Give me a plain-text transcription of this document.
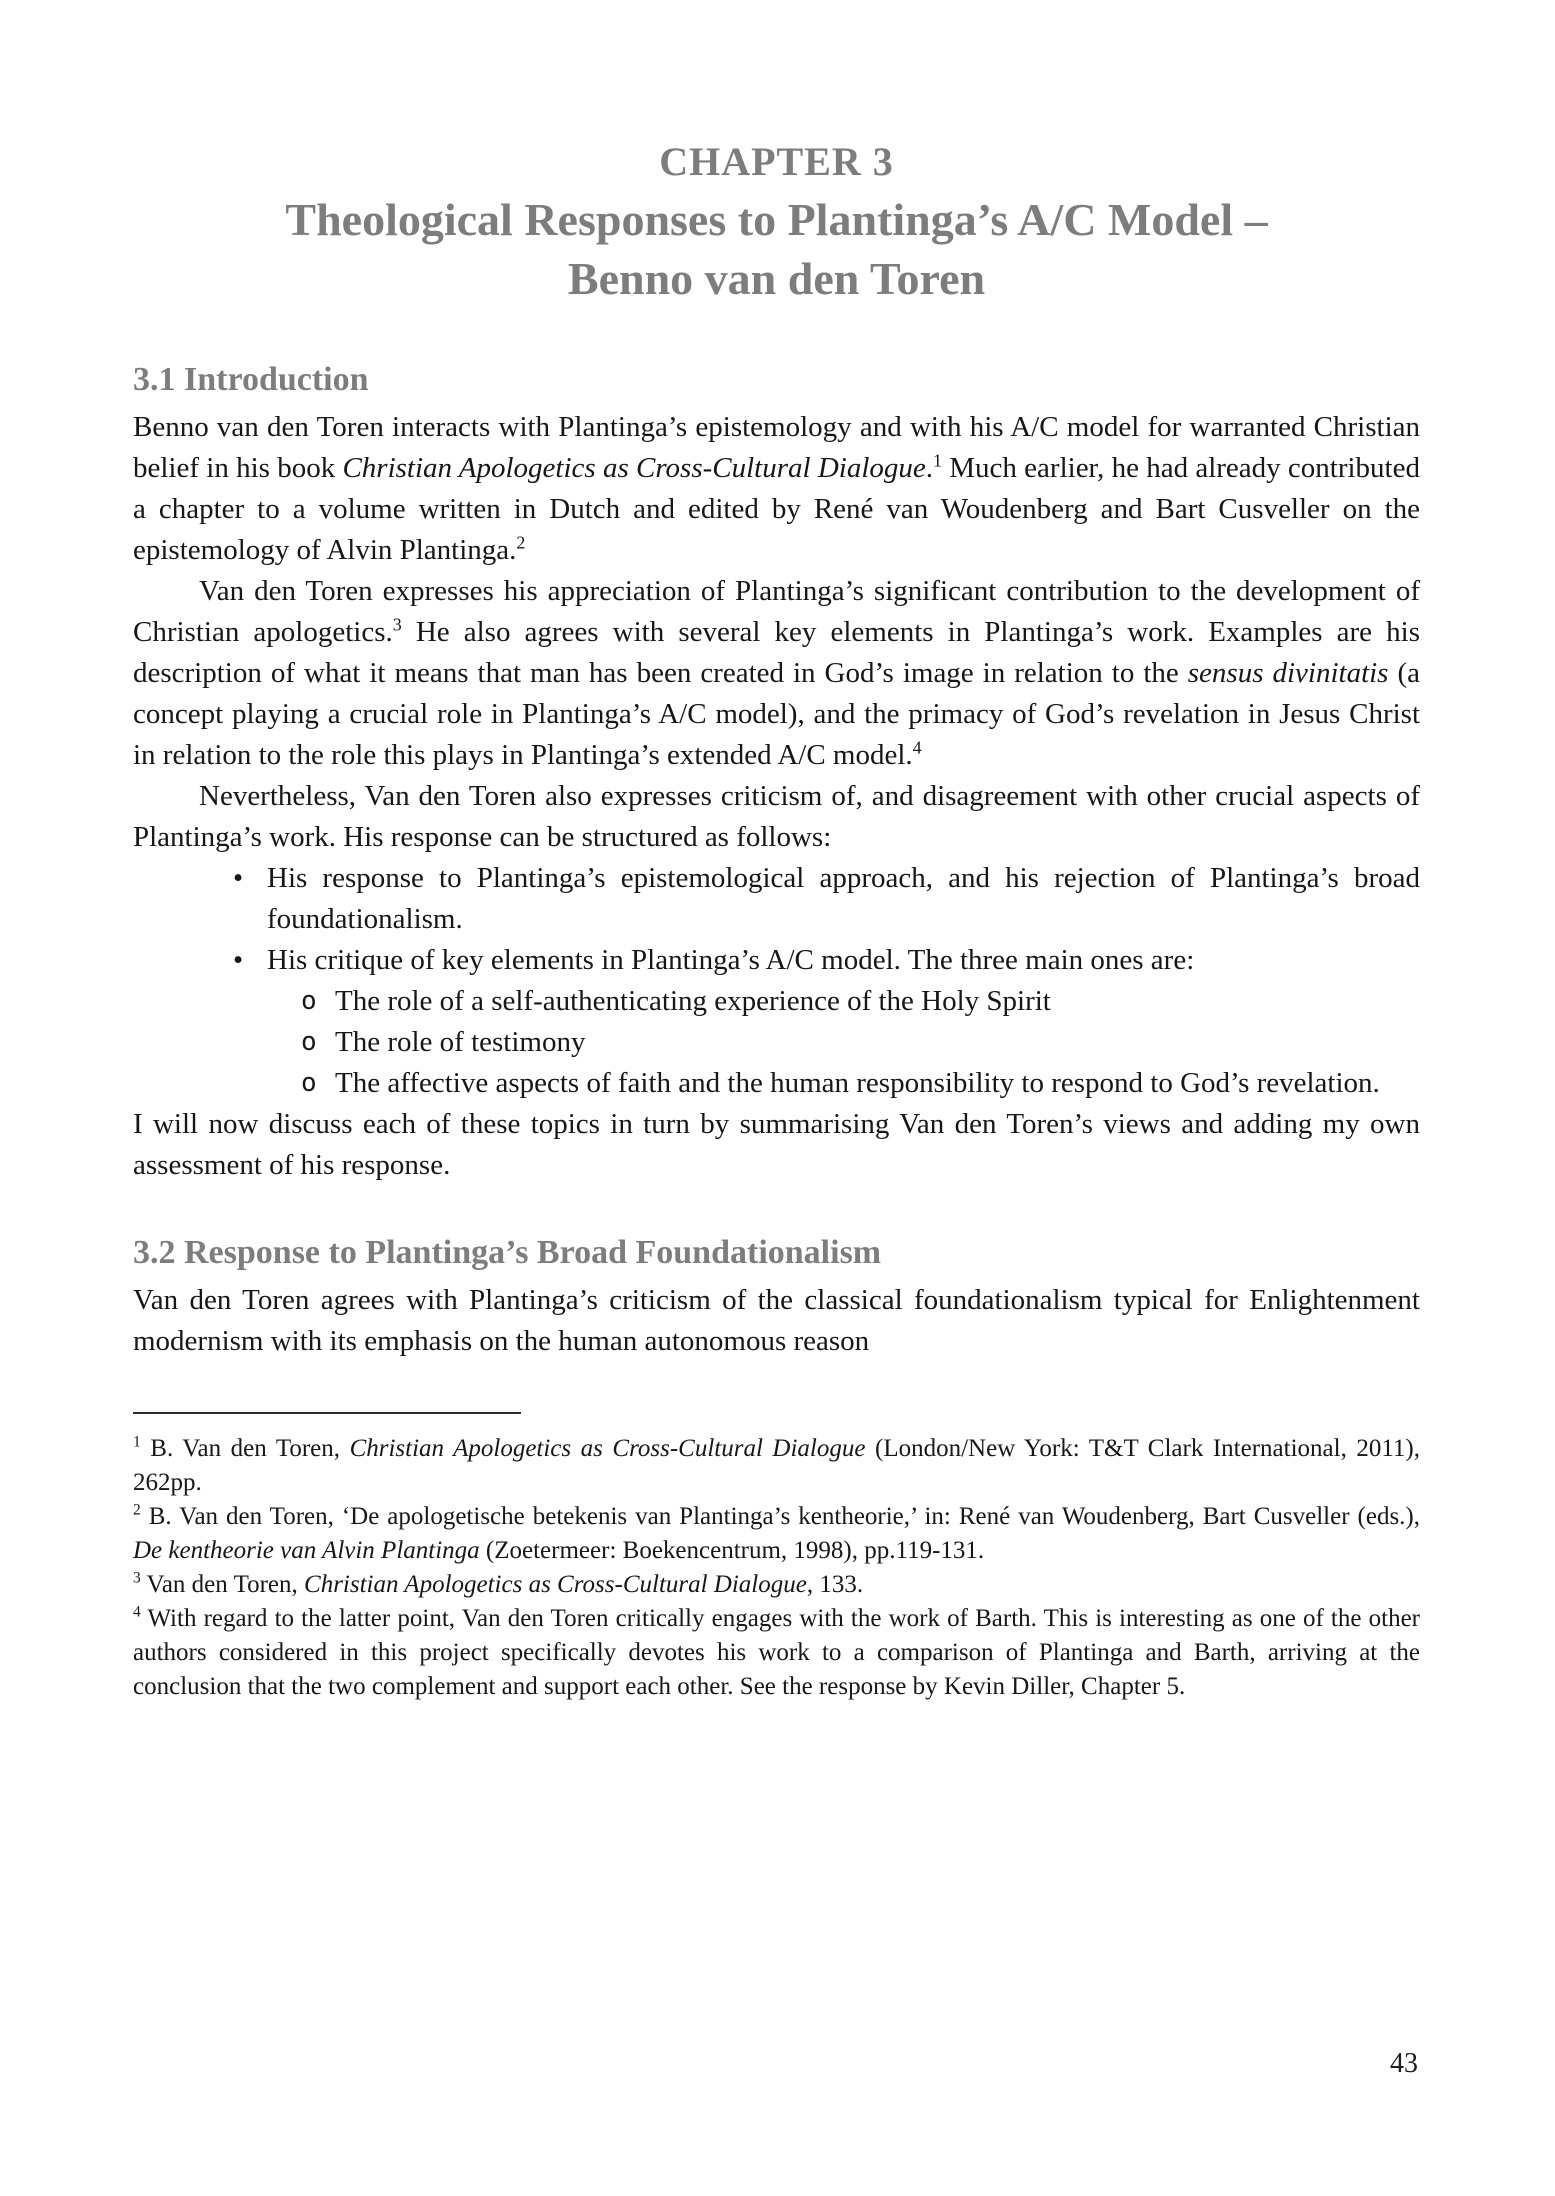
CHAPTER 3
Theological Responses to Plantinga’s A/C Model –
Benno van den Toren
3.1 Introduction

Benno van den Toren interacts with Plantinga’s epistemology and with his A/C model for warranted Christian belief in his book Christian Apologetics as Cross-Cultural Dialogue.$^1$ Much earlier, he had already contributed a chapter to a volume written in Dutch and edited by René van Woudenberg and Bart Cusveller on the epistemology of Alvin Plantinga.$^2$

Van den Toren expresses his appreciation of Plantinga’s significant contribution to the development of Christian apologetics.$^3$ He also agrees with several key elements in Plantinga’s work. Examples are his description of what it means that man has been created in God’s image in relation to the sensus divinitatis (a concept playing a crucial role in Plantinga’s A/C model), and the primacy of God’s revelation in Jesus Christ in relation to the role this plays in Plantinga’s extended A/C model.$^4$

Nevertheless, Van den Toren also expresses criticism of, and disagreement with other crucial aspects of Plantinga’s work. His response can be structured as follows:

• His response to Plantinga’s epistemological approach, and his rejection of Plantinga’s broad foundationalism.
• His critique of key elements in Plantinga’s A/C model. The three main ones are:
o The role of a self-authenticating experience of the Holy Spirit
o The role of testimony
o The affective aspects of faith and the human responsibility to respond to God’s revelation.

I will now discuss each of these topics in turn by summarising Van den Toren’s views and adding my own assessment of his response.

3.2 Response to Plantinga’s Broad Foundationalism

Van den Toren agrees with Plantinga’s criticism of the classical foundationalism typical for Enlightenment modernism with its emphasis on the human autonomous reason

$^1$ B. Van den Toren, Christian Apologetics as Cross-Cultural Dialogue (London/New York: T&T Clark International, 2011), 262pp.

$^2$ B. Van den Toren, ‘De apologetische betekenis van Plantinga’s kentheorie,’ in: René van Woudenberg, Bart Cusveller (eds.), De kentheorie van Alvin Plantinga (Zoetermeer: Boekencentrum, 1998), pp.119-131.

$^3$ Van den Toren, Christian Apologetics as Cross-Cultural Dialogue, 133.

$^4$ With regard to the latter point, Van den Toren critically engages with the work of Barth. This is interesting as one of the other authors considered in this project specifically devotes his work to a comparison of Plantinga and Barth, arriving at the conclusion that the two complement and support each other. See the response by Kevin Diller, Chapter 5.

43
